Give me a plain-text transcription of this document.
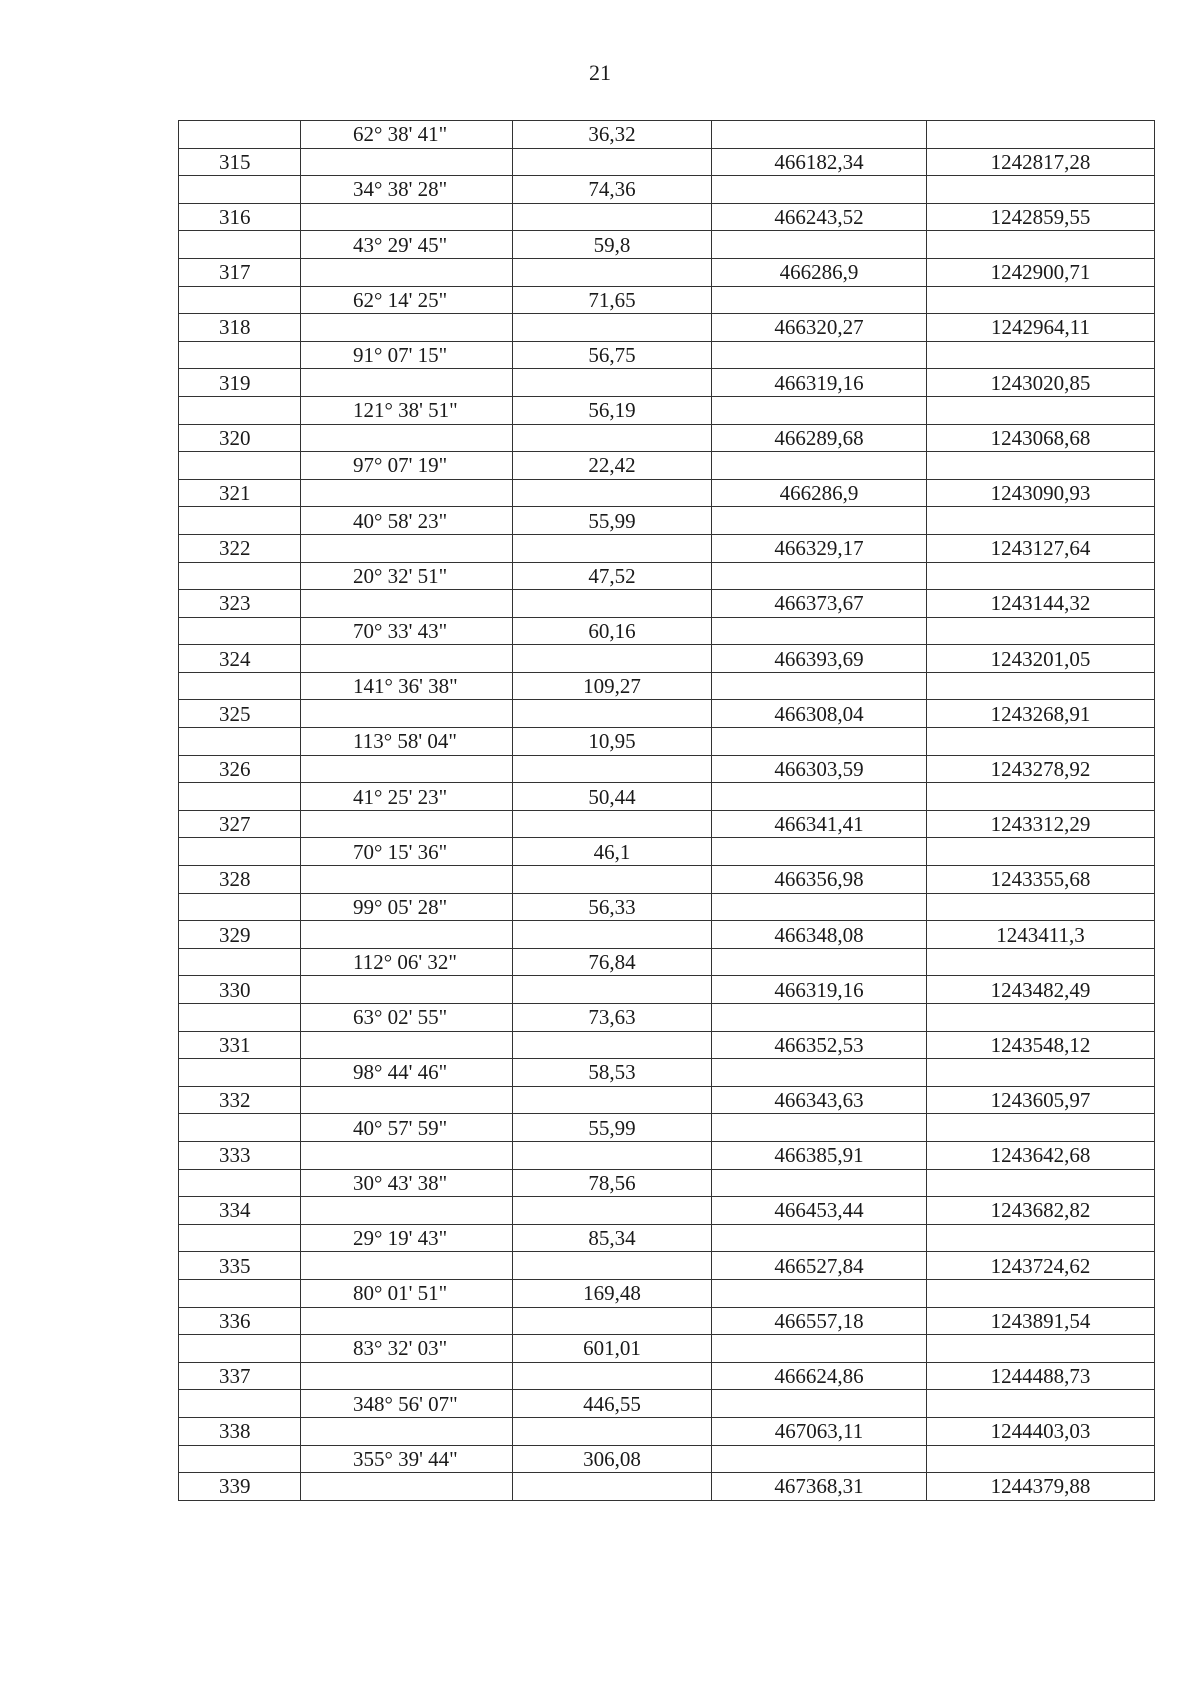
21
	62° 38' 41"	36,32		
315			466182,34	1242817,28
	34° 38' 28"	74,36		
316			466243,52	1242859,55
	43° 29' 45"	59,8		
317			466286,9	1242900,71
	62° 14' 25"	71,65		
318			466320,27	1242964,11
	91° 07' 15"	56,75		
319			466319,16	1243020,85
	121° 38' 51"	56,19		
320			466289,68	1243068,68
	97° 07' 19"	22,42		
321			466286,9	1243090,93
	40° 58' 23"	55,99		
322			466329,17	1243127,64
	20° 32' 51"	47,52		
323			466373,67	1243144,32
	70° 33' 43"	60,16		
324			466393,69	1243201,05
	141° 36' 38"	109,27		
325			466308,04	1243268,91
	113° 58' 04"	10,95		
326			466303,59	1243278,92
	41° 25' 23"	50,44		
327			466341,41	1243312,29
	70° 15' 36"	46,1		
328			466356,98	1243355,68
	99° 05' 28"	56,33		
329			466348,08	1243411,3
	112° 06' 32"	76,84		
330			466319,16	1243482,49
	63° 02' 55"	73,63		
331			466352,53	1243548,12
	98° 44' 46"	58,53		
332			466343,63	1243605,97
	40° 57' 59"	55,99		
333			466385,91	1243642,68
	30° 43' 38"	78,56		
334			466453,44	1243682,82
	29° 19' 43"	85,34		
335			466527,84	1243724,62
	80° 01' 51"	169,48		
336			466557,18	1243891,54
	83° 32' 03"	601,01		
337			466624,86	1244488,73
	348° 56' 07"	446,55		
338			467063,11	1244403,03
	355° 39' 44"	306,08		
339			467368,31	1244379,88
